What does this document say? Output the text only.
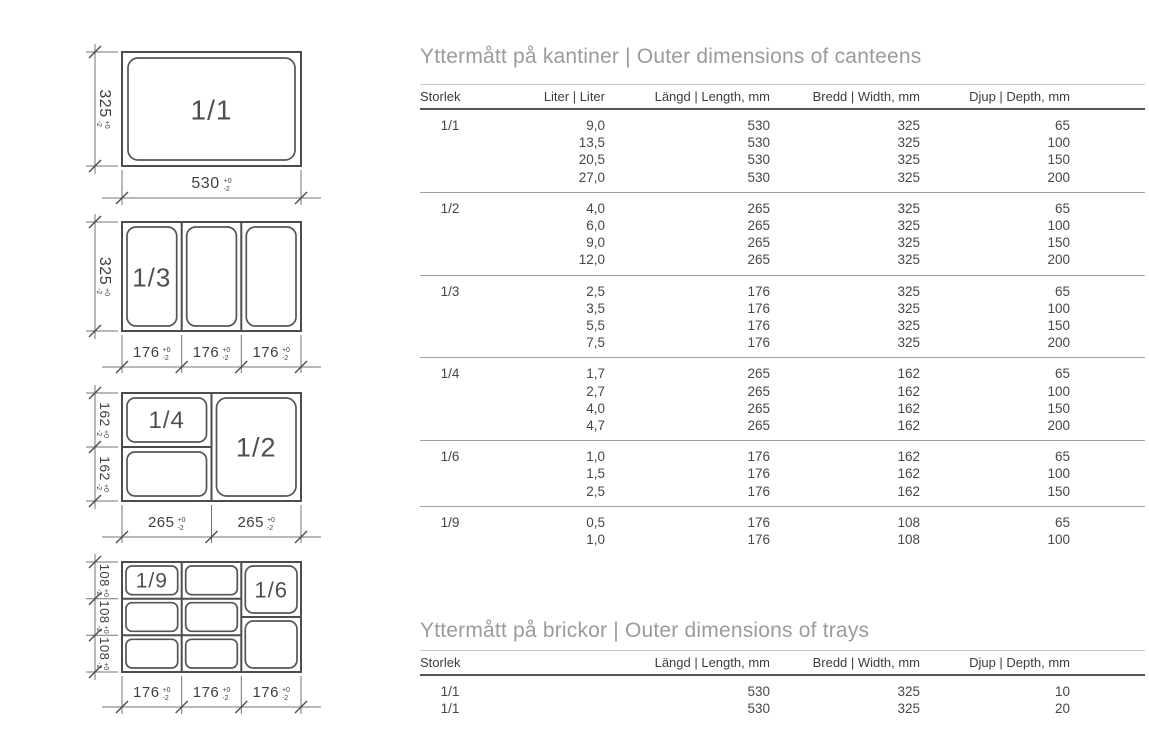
$325^{+0}-2$	1/1
530 $^{+0}$ -2
$325^{+0}-2$	1/3
176 $^{+0}$ -2 176 $^{+0}$ -2 176 $^{+0}$ -2
$162^{+0}-2$
$162^{+0}-2$
1/4
1/2
265 $^{+0}$ -2	265 $^{+0}$ -2
$108^{+0}-2$
$108^{+0}-2$
$108^{+0}-2$
1/9	1/6
176 $^{+0}$ -2 176 $^{+0}$ -2 176 $^{+0}$ -2
Yttermått på kantiner | Outer dimensions of canteens
Storlek	Liter | Liter	Längd | Length, mm	Bredd | Width, mm	Djup | Depth, mm	
1/1	9,0	530	325	65	
	13,5	530	325	100	
	20,5	530	325	150	
	27,0	530	325	200	
1/2	4,0	265	325	65	
	6,0	265	325	100	
	9,0	265	325	150	
	12,0	265	325	200	
1/3	2,5	176	325	65	
	3,5	176	325	100	
	5,5	176	325	150	
	7,5	176	325	200	
1/4	1,7	265	162	65	
	2,7	265	162	100	
	4,0	265	162	150	
	4,7	265	162	200	
1/6	1,0	176	162	65	
	1,5	176	162	100	
	2,5	176	162	150	
1/9	0,5	176	108	65	
	1,0	176	108	100	
Yttermått på brickor | Outer dimensions of trays
Storlek	Längd | Length, mm	Bredd | Width, mm	Djup | Depth, mm	
1/1	530	325	10	
1/1	530	325	20	
